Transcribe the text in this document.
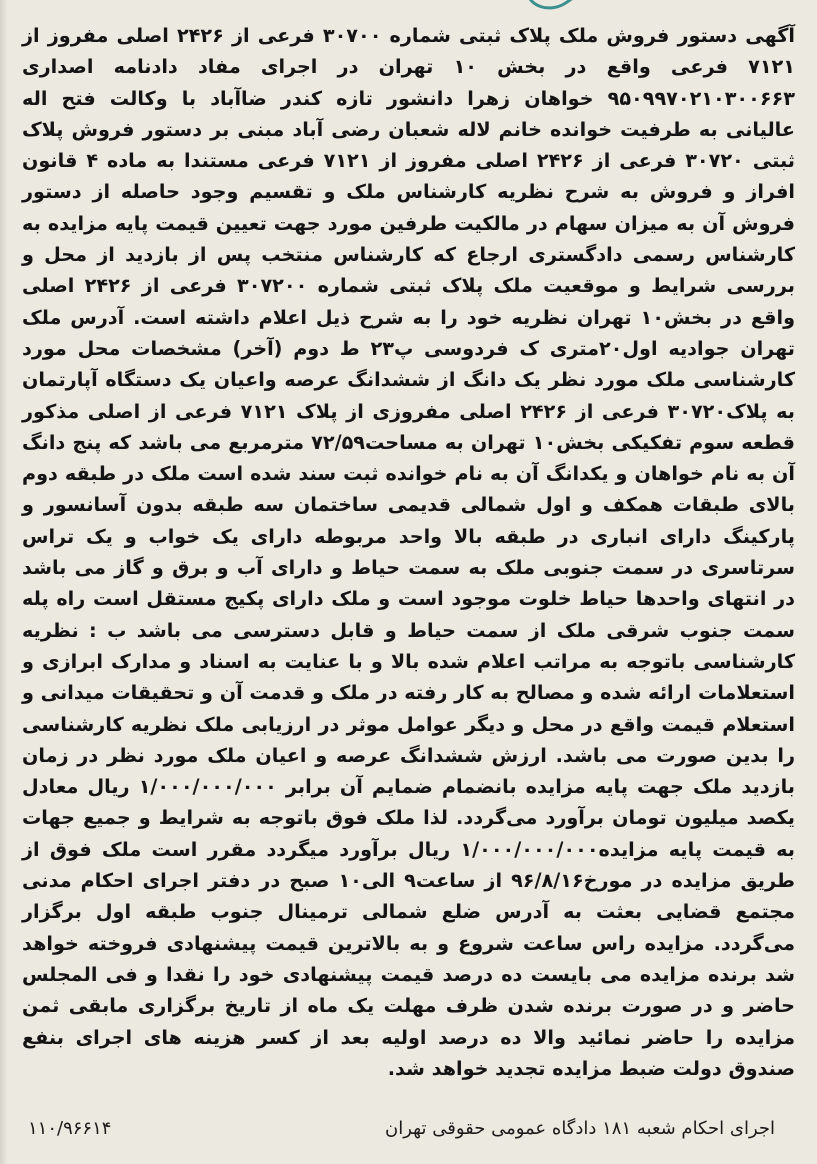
آگهی دستور فروش ملک پلاک ثبتی شماره ۳۰۷۰۰ فرعی از ۲۴۲۶ اصلی مفروز از ۷۱۲۱ فرعی واقع در بخش ۱۰ تهران در اجرای مفاد دادنامه اصداری ۹۵۰۹۹۷۰۲۱۰۳۰۰۶۶۳ خواهان زهرا دانشور تازه کندر ضاآباد با وکالت فتح اله عالیانی به طرفیت خوانده خانم لاله شعبان رضی آباد مبنی بر دستور فروش پلاک ثبتی ۳۰۷۲۰ فرعی از ۲۴۲۶ اصلی مفروز از ۷۱۲۱ فرعی مستندا به ماده ۴ قانون افراز و فروش به شرح نظریه کارشناس ملک و تقسیم وجود حاصله از دستور فروش آن به میزان سهام در مالکیت طرفین مورد جهت تعیین قیمت پایه مزایده به کارشناس رسمی دادگستری ارجاع که کارشناس منتخب پس از بازدید از محل و بررسی شرایط و موقعیت ملک پلاک ثبتی شماره ۳۰۷۲۰۰ فرعی از ۲۴۲۶ اصلی واقع در بخش۱۰ تهران نظریه خود را به شرح ذیل اعلام داشته است. آدرس ملک تهران جوادیه اول۲۰متری ک فردوسی پ۲۳ ط دوم (آخر) مشخصات محل مورد کارشناسی ملک مورد نظر یک دانگ از ششدانگ عرصه واعیان یک دستگاه آپارتمان به پلاک۳۰۷۲۰ فرعی از ۲۴۲۶ اصلی مفروزی از پلاک ۷۱۲۱ فرعی از اصلی مذکور قطعه سوم تفکیکی بخش۱۰ تهران به مساحت۷۲/۵۹ مترمربع می باشد که پنج دانگ آن به نام خواهان و یکدانگ آن به نام خوانده ثبت سند شده است ملک در طبقه دوم بالای طبقات همکف و اول شمالی قدیمی ساختمان سه طبقه بدون آسانسور و پارکینگ دارای انباری در طبقه بالا واحد مربوطه دارای یک خواب و یک تراس سرتاسری در سمت جنوبی ملک به سمت حیاط و دارای آب و برق و گاز می باشد در انتهای واحدها حیاط خلوت موجود است و ملک دارای پکیج مستقل است راه پله سمت جنوب شرقی ملک از سمت حیاط و قابل دسترسی می باشد ب : نظریه کارشناسی باتوجه به مراتب اعلام شده بالا و با عنایت به اسناد و مدارک ابرازی و استعلامات ارائه شده و مصالح به کار رفته در ملک و قدمت آن و تحقیقات میدانی و استعلام قیمت واقع در محل و دیگر عوامل موثر در ارزیابی ملک نظریه کارشناسی را بدین صورت می باشد. ارزش ششدانگ عرصه و اعیان ملک مورد نظر در زمان بازدید ملک جهت پایه مزایده بانضمام ضمایم آن برابر ۱/۰۰۰/۰۰۰/۰۰۰ ریال معادل یکصد میلیون تومان برآورد می‌گردد. لذا ملک فوق باتوجه به شرایط و جمیع جهات به قیمت پایه مزایده۱/۰۰۰/۰۰۰/۰۰۰ ریال برآورد میگردد مقرر است ملک فوق از طریق مزایده در مورخ۹۶/۸/۱۶ از ساعت۹ الی۱۰ صبح در دفتر اجرای احکام مدنی مجتمع قضایی بعثت به آدرس ضلع شمالی ترمینال جنوب طبقه اول برگزار می‌گردد. مزایده راس ساعت شروع و به بالاترین قیمت پیشنهادی فروخته خواهد شد برنده مزایده می بایست ده درصد قیمت پیشنهادی خود را نقدا و فی المجلس حاضر و در صورت برنده شدن ظرف مهلت یک ماه از تاریخ برگزاری مابقی ثمن مزایده را حاضر نمائید والا ده درصد اولیه بعد از کسر هزینه های اجرای بنفع صندوق دولت ضبط مزایده تجدید خواهد شد.

اجرای احکام شعبه ۱۸۱ دادگاه عمومی حقوقی تهران
۱۱۰/۹۶۶۱۴
